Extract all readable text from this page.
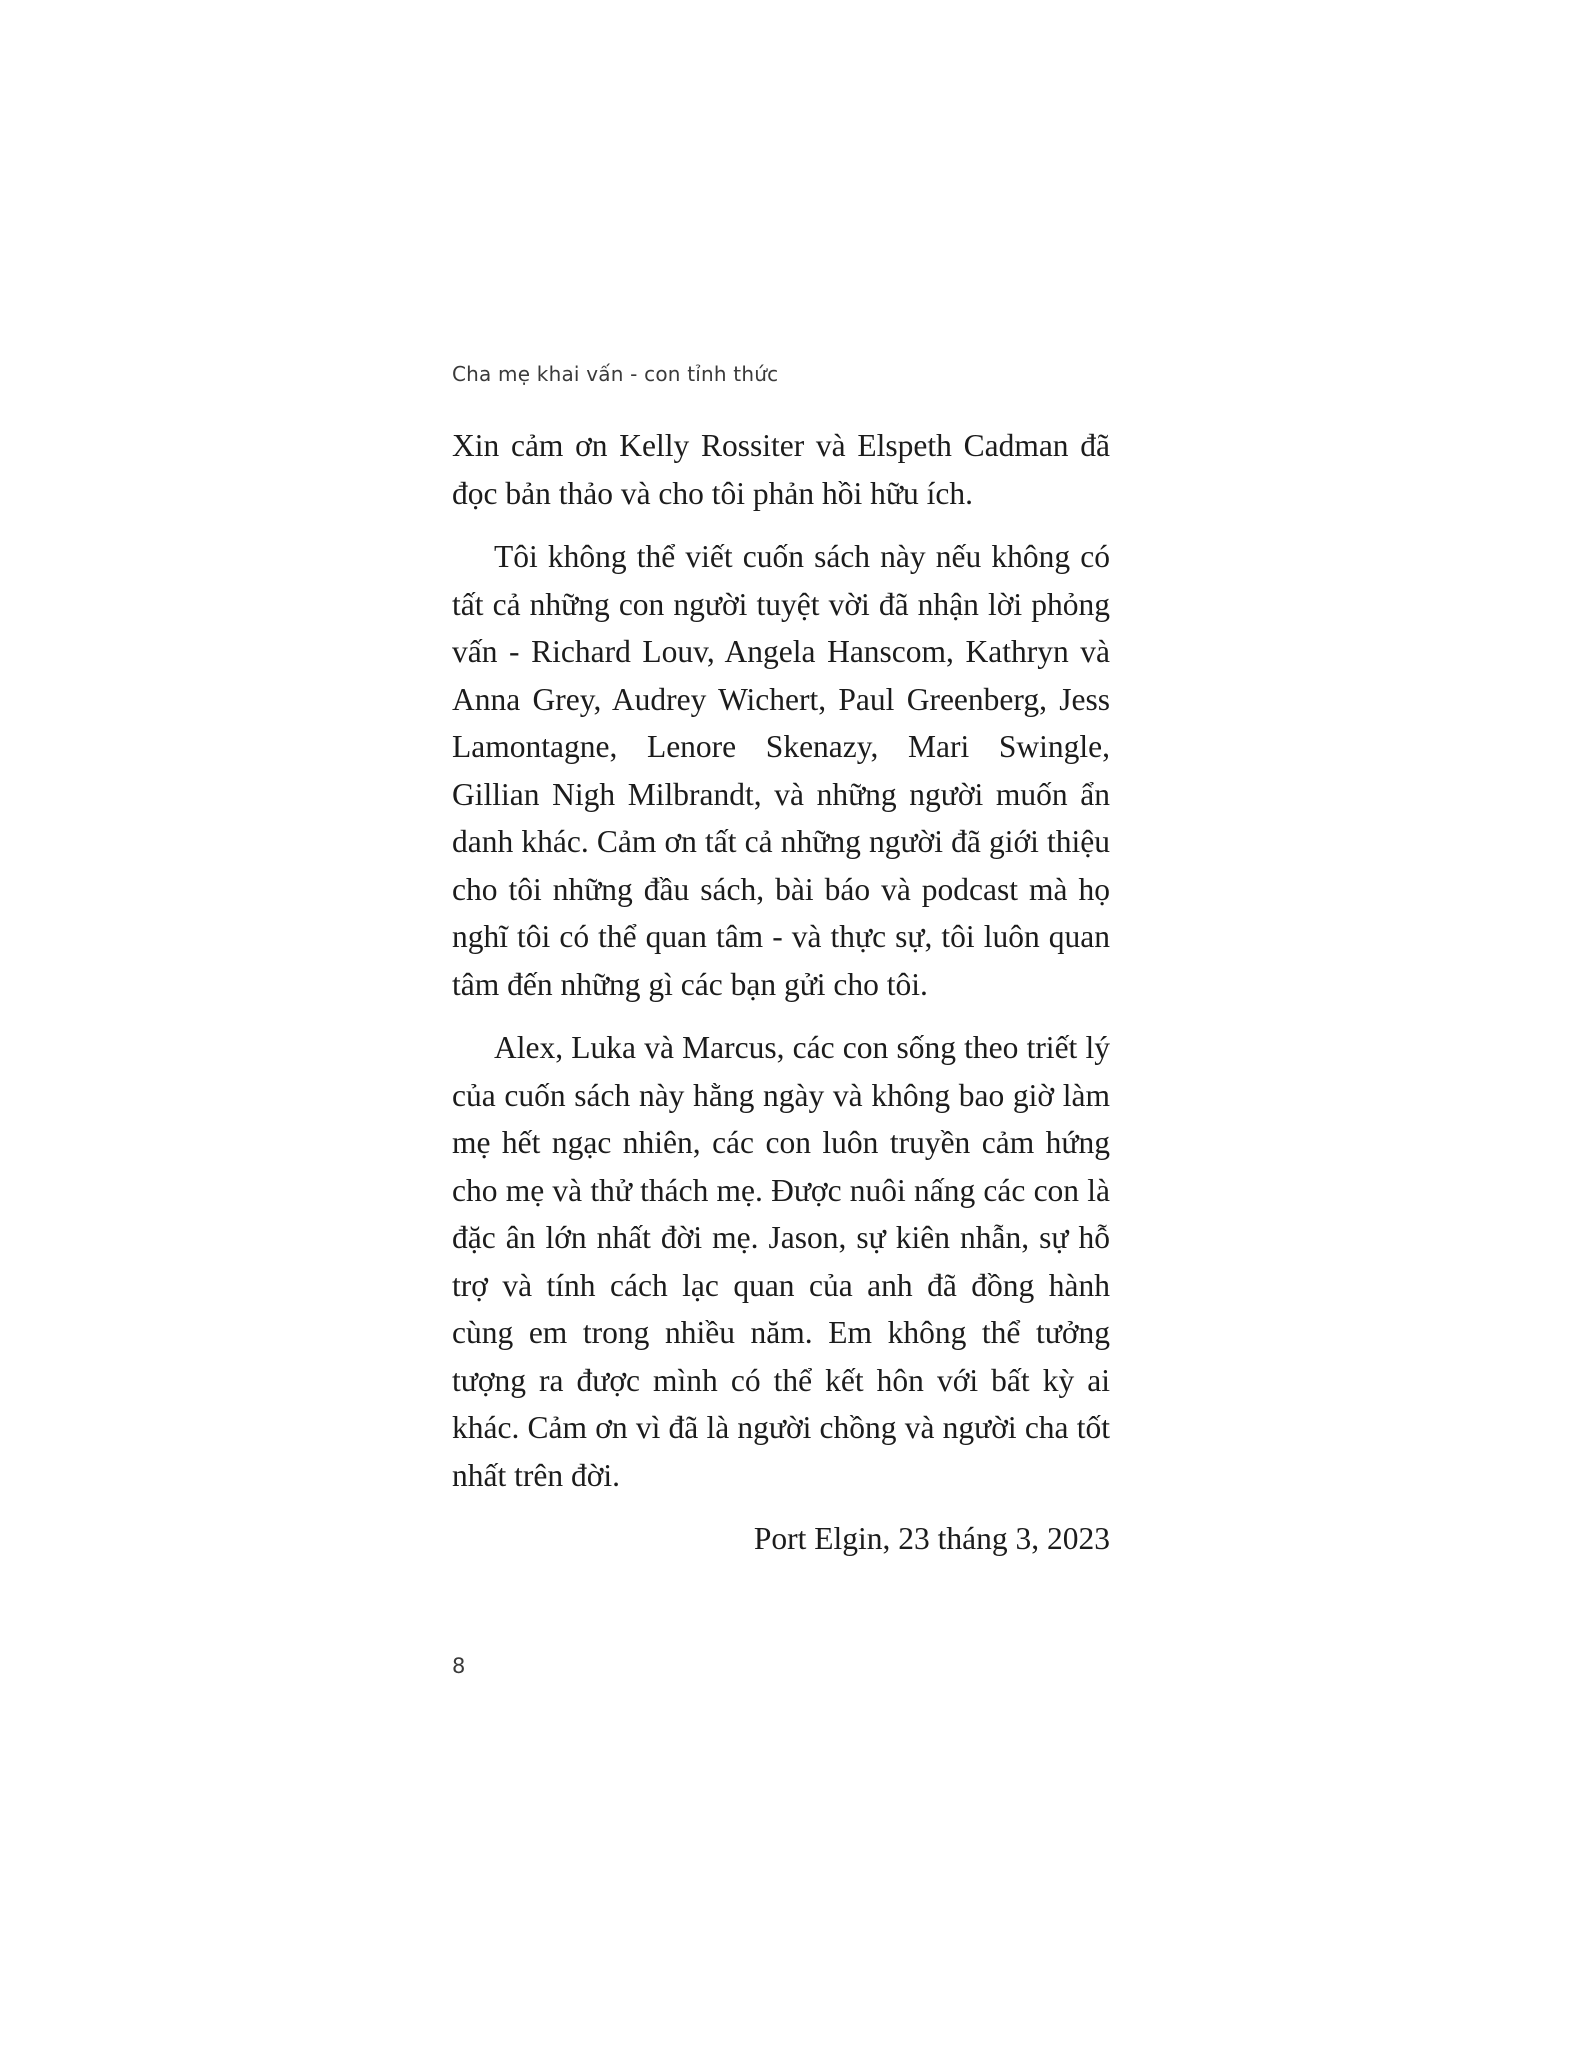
Cha mẹ khai vấn - con tỉnh thức

Xin cảm ơn Kelly Rossiter và Elspeth Cadman đã đọc bản thảo và cho tôi phản hồi hữu ích.

Tôi không thể viết cuốn sách này nếu không có tất cả những con người tuyệt vời đã nhận lời phỏng vấn - Richard Louv, Angela Hanscom, Kathryn và Anna Grey, Audrey Wichert, Paul Greenberg, Jess Lamontagne, Lenore Skenazy, Mari Swingle, Gillian Nigh Milbrandt, và những người muốn ẩn danh khác. Cảm ơn tất cả những người đã giới thiệu cho tôi những đầu sách, bài báo và podcast mà họ nghĩ tôi có thể quan tâm - và thực sự, tôi luôn quan tâm đến những gì các bạn gửi cho tôi.

Alex, Luka và Marcus, các con sống theo triết lý của cuốn sách này hằng ngày và không bao giờ làm mẹ hết ngạc nhiên, các con luôn truyền cảm hứng cho mẹ và thử thách mẹ. Được nuôi nấng các con là đặc ân lớn nhất đời mẹ. Jason, sự kiên nhẫn, sự hỗ trợ và tính cách lạc quan của anh đã đồng hành cùng em trong nhiều năm. Em không thể tưởng tượng ra được mình có thể kết hôn với bất kỳ ai khác. Cảm ơn vì đã là người chồng và người cha tốt nhất trên đời.

Port Elgin, 23 tháng 3, 2023

8
